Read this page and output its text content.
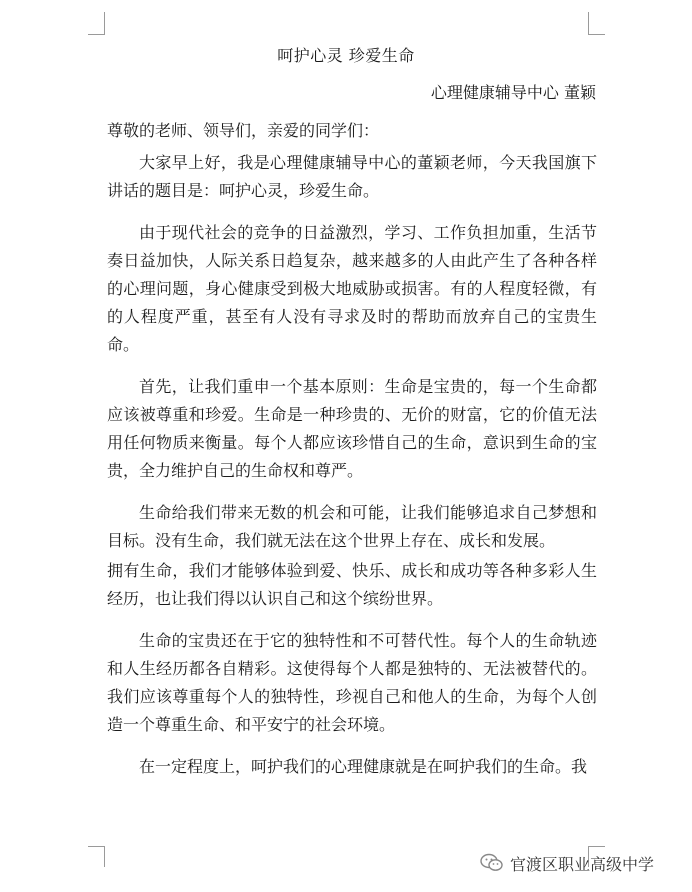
呵护心灵 珍爱生命
心理健康辅导中心 董颖
尊敬的老师、领导们，亲爱的同学们：

大家早上好，我是心理健康辅导中心的董颖老师，今天我国旗下讲话的题目是：呵护心灵，珍爱生命。

由于现代社会的竞争的日益激烈，学习、工作负担加重，生活节奏日益加快，人际关系日趋复杂，越来越多的人由此产生了各种各样的心理问题，身心健康受到极大地威胁或损害。有的人程度轻微，有的人程度严重，甚至有人没有寻求及时的帮助而放弃自己的宝贵生命。

首先，让我们重申一个基本原则：生命是宝贵的，每一个生命都应该被尊重和珍爱。生命是一种珍贵的、无价的财富，它的价值无法用任何物质来衡量。每个人都应该珍惜自己的生命，意识到生命的宝贵，全力维护自己的生命权和尊严。

生命给我们带来无数的机会和可能，让我们能够追求自己梦想和目标。没有生命，我们就无法在这个世界上存在、成长和发展。

拥有生命，我们才能够体验到爱、快乐、成长和成功等各种多彩人生经历，也让我们得以认识自己和这个缤纷世界。

生命的宝贵还在于它的独特性和不可替代性。每个人的生命轨迹和人生经历都各自精彩。这使得每个人都是独特的、无法被替代的。我们应该尊重每个人的独特性，珍视自己和他人的生命，为每个人创造一个尊重生命、和平安宁的社会环境。

在一定程度上，呵护我们的心理健康就是在呵护我们的生命。我

官渡区职业高级中学
